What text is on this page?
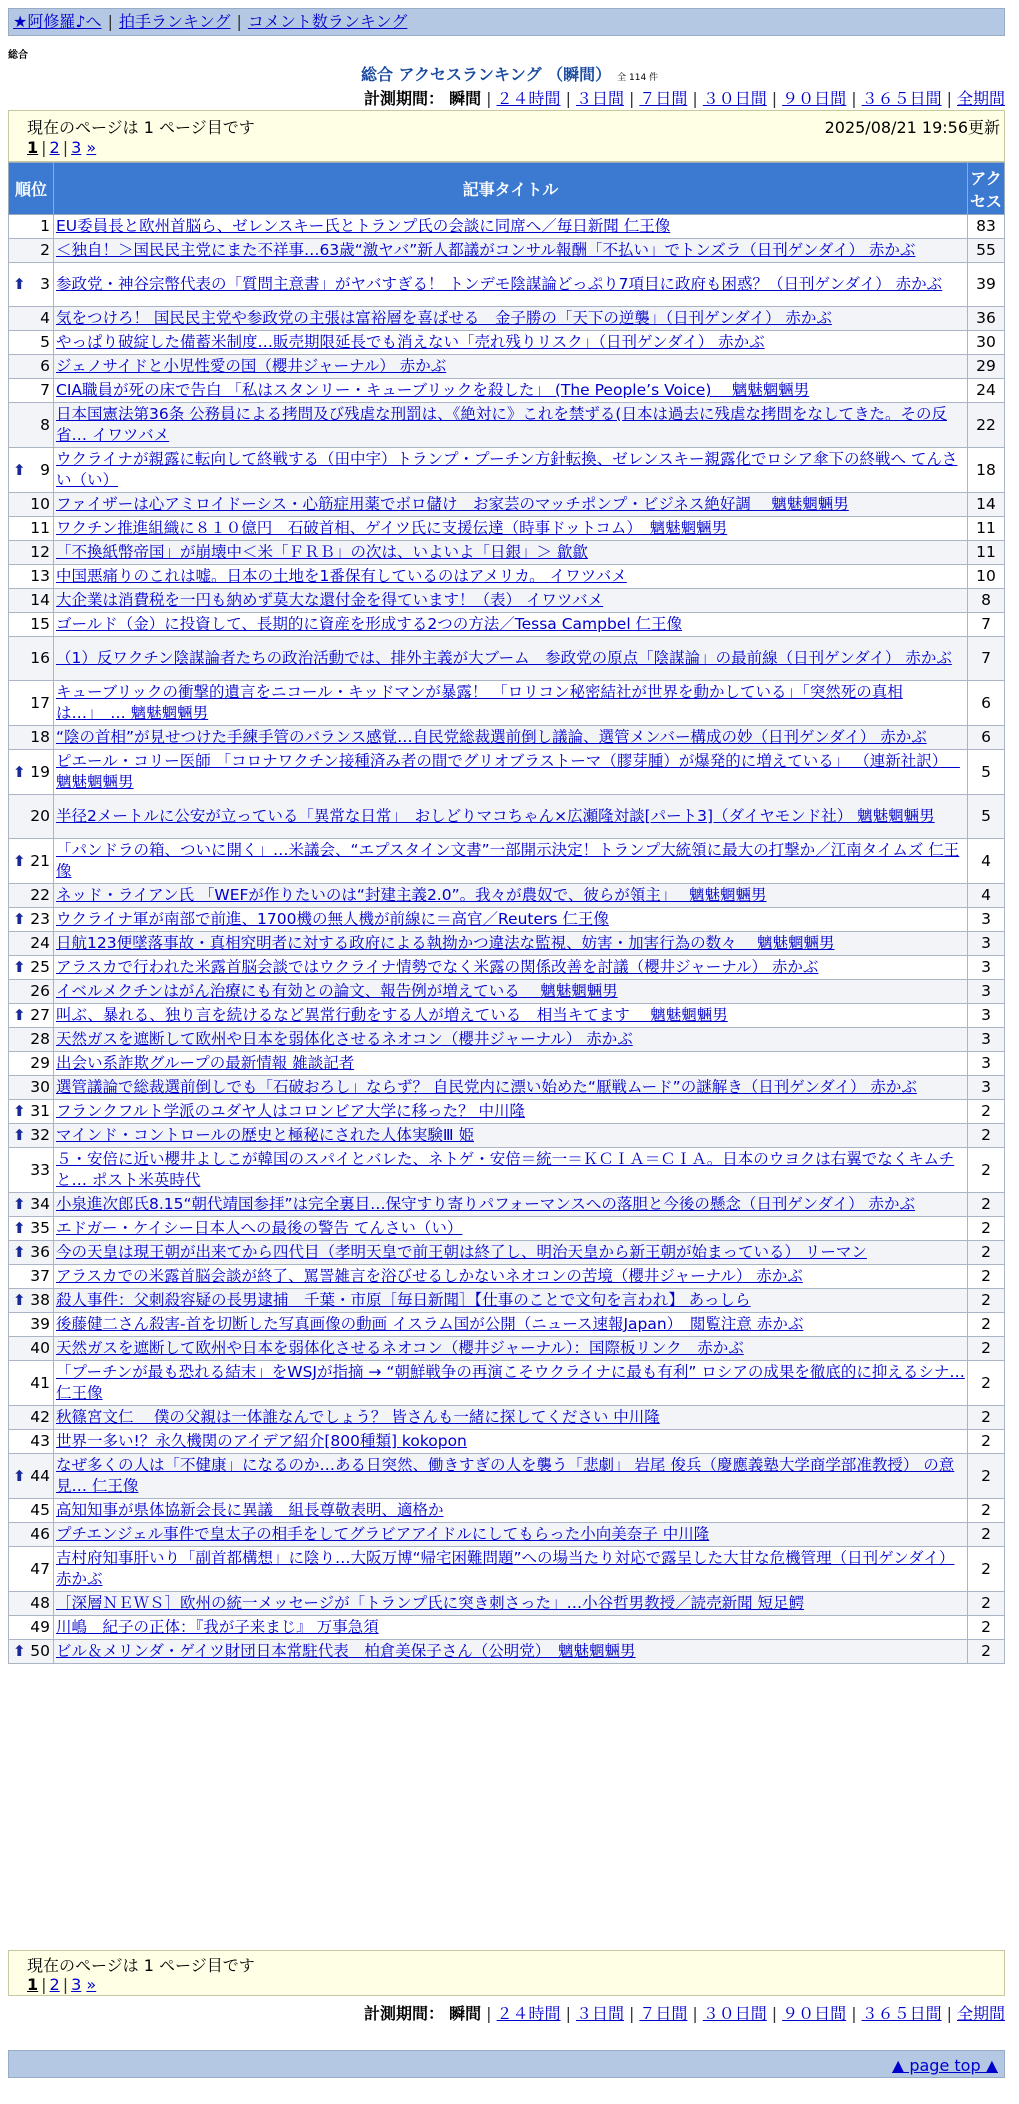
★阿修羅♪へ | 拍手ランキング | コメント数ランキング
総合
総合 アクセスランキング （瞬間） 全 114 件
計測期間： 瞬間 | ２４時間 | ３日間 | ７日間 | ３０日間 | ９０日間 | ３６５日間 | 全期間
現在のページは 1 ページ目です	2025/08/21 19:56更新
1 | 2 | 3 »
順位	記事タイトル	アクセス
1	EU委員長と欧州首脳ら、ゼレンスキー氏とトランプ氏の会談に同席へ／毎日新聞 仁王像	83
2	＜独自！＞国民民主党にまた不祥事…63歳“激ヤバ”新人都議がコンサル報酬「不払い」でトンズラ（日刊ゲンダイ） 赤かぶ	55

⬆ 3	参政党・神谷宗幣代表の「質問主意書」がヤバすぎる！ トンデモ陰謀論どっぷり7項目に政府も困惑？（日刊ゲンダイ） 赤かぶ	39
4	気をつけろ！ 国民民主党や参政党の主張は富裕層を喜ばせる　金子勝の「天下の逆襲」（日刊ゲンダイ） 赤かぶ	36
5	やっぱり破綻した備蓄米制度…販売期限延長でも消えない「売れ残りリスク」（日刊ゲンダイ） 赤かぶ	30
6	ジェノサイドと小児性愛の国（櫻井ジャーナル） 赤かぶ	29
7	CIA職員が死の床で告白 「私はスタンリー・キューブリックを殺した」 (The People’s Voice)　 魑魅魍魎男	24
8	日本国憲法第36条 公務員による拷問及び残虐な刑罰は、《絶対に》これを禁ずる(日本は過去に残虐な拷問をなしてきた。その反省… イワツバメ	22

⬆ 9	ウクライナが親露に転向して終戦する（田中宇）トランプ・プーチン方針転換、ゼレンスキー親露化でロシア傘下の終戦へ てんさい（い）	18
10	ファイザーは心アミロイドーシス・心筋症用薬でボロ儲け　お家芸のマッチポンプ・ビジネス絶好調　 魑魅魍魎男	14
11	ワクチン推進組織に８１０億円　石破首相、ゲイツ氏に支援伝達（時事ドットコム）　魑魅魍魎男	11
12	「不換紙幣帝国」が崩壊中＜米「ＦＲＢ」の次は、いよいよ「日銀」＞ 歙歙	11
13	中国悪痛りのこれは嘘。日本の土地を1番保有しているのはアメリカ。 イワツバメ	10
14	大企業は消費税を一円も納めず莫大な還付金を得ています！（表） イワツバメ	8
15	ゴールド（金）に投資して、長期的に資産を形成する2つの方法／Tessa Campbel 仁王像	7
16	（1）反ワクチン陰謀論者たちの政治活動では、排外主義が大ブーム　参政党の原点「陰謀論」の最前線（日刊ゲンダイ） 赤かぶ	7
17	キューブリックの衝撃的遺言をニコール・キッドマンが暴露！ 「ロリコン秘密結社が世界を動かしている」「突然死の真相は…」　… 魑魅魍魎男	6
18	“陰の首相”が見せつけた手練手管のバランス感覚…自民党総裁選前倒し議論、選管メンバー構成の妙（日刊ゲンダイ） 赤かぶ	6

⬆ 19	ピエール・コリー医師 「コロナワクチン接種済み者の間でグリオブラストーマ（膠芽腫）が爆発的に増えている」 （連新社訳）　 魑魅魍魎男	5
20	半径2メートルに公安が立っている「異常な日常」　おしどりマコちゃん×広瀬隆対談[パート3]（ダイヤモンド社） 魑魅魍魎男	5

⬆ 21	「パンドラの箱、ついに開く」…米議会、“エプスタイン文書”一部開示決定！トランプ大統領に最大の打撃か／江南タイムズ 仁王像	4
22	ネッド・ライアン氏 「WEFが作りたいのは“封建主義2.0”。我々が農奴で、彼らが領主」　 魑魅魍魎男	4

⬆ 23	ウクライナ軍が南部で前進、1700機の無人機が前線に＝高官／Reuters 仁王像	3
24	日航123便墜落事故・真相究明者に対する政府による執拗かつ違法な監視、妨害・加害行為の数々　 魑魅魍魎男	3

⬆ 25	アラスカで行われた米露首脳会談ではウクライナ情勢でなく米露の関係改善を討議（櫻井ジャーナル） 赤かぶ	3
26	イベルメクチンはがん治療にも有効との論文、報告例が増えている　 魑魅魍魎男	3

⬆ 27	叫ぶ、暴れる、独り言を続けるなど異常行動をする人が増えている　相当キてます　 魑魅魍魎男	3
28	天然ガスを遮断して欧州や日本を弱体化させるネオコン（櫻井ジャーナル） 赤かぶ	3
29	出会い系詐欺グループの最新情報 雑談記者	3
30	選管議論で総裁選前倒しでも「石破おろし」ならず？ 自民党内に漂い始めた“厭戦ムード”の謎解き（日刊ゲンダイ） 赤かぶ	3

⬆ 31	フランクフルト学派のユダヤ人はコロンビア大学に移った？ 中川隆	2

⬆ 32	マインド・コントロールの歴史と極秘にされた人体実験Ⅲ 姫	2
33	５・安倍に近い櫻井よしこが韓国のスパイとバレた、ネトゲ・安倍＝統一＝ＫＣＩＡ＝ＣＩＡ。日本のウヨクは右翼でなくキムチと… ポスト米英時代	2

⬆ 34	小泉進次郎氏8.15“朝代靖国参拝”は完全裏目…保守すり寄りパフォーマンスへの落胆と今後の懸念（日刊ゲンダイ） 赤かぶ	2

⬆ 35	エドガー・ケイシー日本人への最後の警告 てんさい（い）	2

⬆ 36	今の天皇は現王朝が出来てから四代目（孝明天皇で前王朝は終了し、明治天皇から新王朝が始まっている） リーマン	2
37	アラスカでの米露首脳会談が終了、罵詈雑言を浴びせるしかないネオコンの苦境（櫻井ジャーナル） 赤かぶ	2

⬆ 38	殺人事件：父刺殺容疑の長男逮捕　千葉・市原［毎日新聞］【仕事のことで文句を言われ】 あっしら	2
39	後藤健二さん殺害-首を切断した写真画像の動画 イスラム国が公開（ニュース速報Japan）　閲覧注意 赤かぶ	2
40	天然ガスを遮断して欧州や日本を弱体化させるネオコン（櫻井ジャーナル）：国際板リンク　赤かぶ	2
41	「プーチンが最も恐れる結末」をWSJが指摘 → “朝鮮戦争の再演こそウクライナに最も有利” ロシアの成果を徹底的に抑えるシナ… 仁王像	2
42	秋篠宮文仁　 僕の父親は一体誰なんでしょう？ 皆さんも一緒に探してください 中川隆	2
43	世界一多い!？永久機関のアイデア紹介[800種類] kokopon	2

⬆ 44	なぜ多くの人は「不健康」になるのか…ある日突然、働きすぎの人を襲う「悲劇」 岩尾 俊兵（慶應義塾大学商学部准教授） の意見… 仁王像	2
45	高知知事が県体協新会長に異議　組長尊敬表明、適格か	2
46	プチエンジェル事件で皇太子の相手をしてグラビアアイドルにしてもらった小向美奈子 中川隆	2
47	吉村府知事肝いり「副首都構想」に陰り…大阪万博“帰宅困難問題”への場当たり対応で露呈した大甘な危機管理（日刊ゲンダイ） 赤かぶ	2
48	［深層ＮＥＷＳ］欧州の統一メッセージが「トランプ氏に突き刺さった」…小谷哲男教授／読売新聞 短足鰐	2
49	川嶋　紀子の正体：『我が子来まじ』 万事急須	2

⬆ 50	ビル＆メリンダ・ゲイツ財団日本常駐代表　柏倉美保子さん（公明党）　魑魅魍魎男	2
現在のページは 1 ページ目です
1 | 2 | 3 »
計測期間： 瞬間 | ２４時間 | ３日間 | ７日間 | ３０日間 | ９０日間 | ３６５日間 | 全期間
▲ page top ▲
